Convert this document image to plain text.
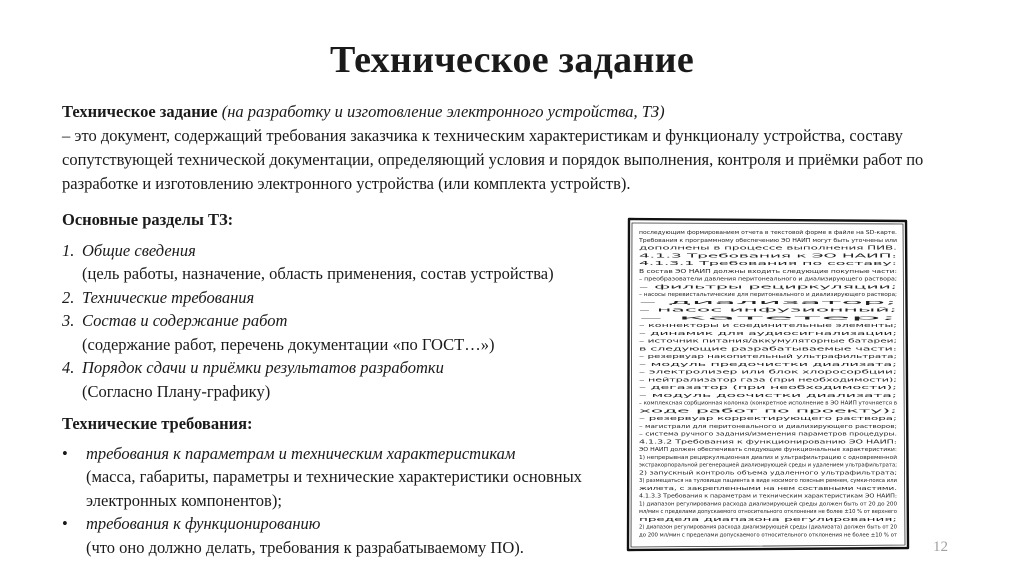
Техническое задание
Техническое задание (на разработку и изготовление электронного устройства, ТЗ)
– это документ, содержащий требования заказчика к техническим характеристикам и функционалу устройства, составу сопутствующей технической документации, определяющий условия и порядок выполнения, контроля и приёмки работ по разработке и изготовлению электронного устройства (или комплекта устройств).
Основные разделы ТЗ:
1. Общие сведения
(цель работы, назначение, область применения, состав устройства)
2. Технические требования
3. Состав и содержание работ
(содержание работ, перечень документации «по ГОСТ…»)
4. Порядок сдачи и приёмки результатов разработки
(Согласно Плану-графику)
Технические требования:
•	требования к параметрам и техническим характеристикам
(масса, габариты, параметры и технические характеристики основных электронных компонентов);
•	требования к функционированию
(что оно должно делать, требования к разрабатываемому ПО).
последующим формированием отчета в текстовой форме в файле на SD-карте.
Требования к программному обеспечению ЭО НАИП могут быть уточнены или
дополнены в процессе выполнения ПИВ.
4.1.3 Требования к ЭО НАИП:
4.1.3.1 Требования по составу:
В состав ЭО НАИП должны входить следующие покупные части:
– преобразователи давления перитонеального и диализирующего раствора;
– фильтры рециркуляции;
– насосы перевистальтические для перитонеального и диализирующего раствора;
– диализатор;
– насос инфузионный;
– катетер;
– коннекторы и соединительные элементы;
– динамик для аудиосигнализации;
– источник питания/аккумуляторные батареи;
в следующие разрабатываемые части:
– резервуар накопительный ультрафильтрата;
– модуль предочистки диализата;
– электролизер или блок хлоросорбции;
– нейтрализатор газа (при необходимости);
– дегазатор (при необходимости);
– модуль доочистки диализата;
– комплексная сорбционная колонка (конкретное исполнение в ЭО НАИП уточняется в
ходе работ по проекту);
– резервуар корректирующего раствора;
– магистрали для перитонеального и диализирующего растворов;
– система ручного задания/изменения параметров процедуры.
4.1.3.2 Требования к функционированию ЭО НАИП:
ЭО НАИП должен обеспечивать следующие функциональные характеристики:
1) непрерывная рециркуляционная диализ и ультрафильтрацию с одновременной
экстракорпоральной регенерацией диализирующей среды и удалением ультрафильтрата;
2) запускный контроль объема удаленного ультрафильтрата;
3) размещаться на туловище пациента в виде носимого поясным ремнем, сумки-пояса или
жилета, с закрепленными на нем составными частями.
4.1.3.3 Требования к параметрам и техническим характеристикам ЭО НАИП:
1) диапазон регулирования расхода диализирующей среды должен быть от 20 до 200
мл/мин с пределами допускаемого относительного отклонения не более ±10 % от верхнего
предела диапазона регулирования;
2) диапазон регулирования расхода диализирующей среды (диализата) должен быть от 20
до 200 мл/мин с пределами допускаемого относительного отклонения не более ±10 % от
12
